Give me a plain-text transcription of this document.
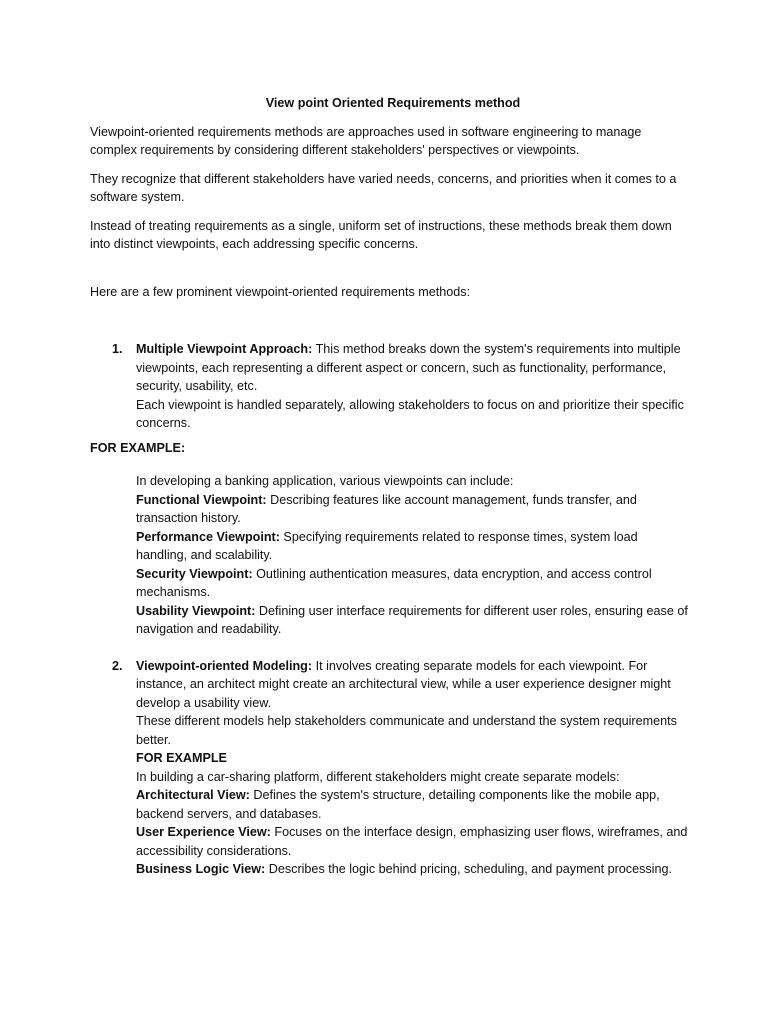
View point Oriented Requirements method

Viewpoint-oriented requirements methods are approaches used in software engineering to manage complex requirements by considering different stakeholders' perspectives or viewpoints.

They recognize that different stakeholders have varied needs, concerns, and priorities when it comes to a software system.

Instead of treating requirements as a single, uniform set of instructions, these methods break them down into distinct viewpoints, each addressing specific concerns.

Here are a few prominent viewpoint-oriented requirements methods:

1. Multiple Viewpoint Approach: This method breaks down the system's requirements into multiple viewpoints, each representing a different aspect or concern, such as functionality, performance, security, usability, etc.
Each viewpoint is handled separately, allowing stakeholders to focus on and prioritize their specific concerns.
FOR EXAMPLE:
In developing a banking application, various viewpoints can include:
Functional Viewpoint: Describing features like account management, funds transfer, and transaction history.
Performance Viewpoint: Specifying requirements related to response times, system load handling, and scalability.
Security Viewpoint: Outlining authentication measures, data encryption, and access control mechanisms.
Usability Viewpoint: Defining user interface requirements for different user roles, ensuring ease of navigation and readability.
2. Viewpoint-oriented Modeling: It involves creating separate models for each viewpoint. For instance, an architect might create an architectural view, while a user experience designer might develop a usability view.
These different models help stakeholders communicate and understand the system requirements better.
FOR EXAMPLE
In building a car-sharing platform, different stakeholders might create separate models:
Architectural View: Defines the system's structure, detailing components like the mobile app, backend servers, and databases.
User Experience View: Focuses on the interface design, emphasizing user flows, wireframes, and accessibility considerations.
Business Logic View: Describes the logic behind pricing, scheduling, and payment processing.
